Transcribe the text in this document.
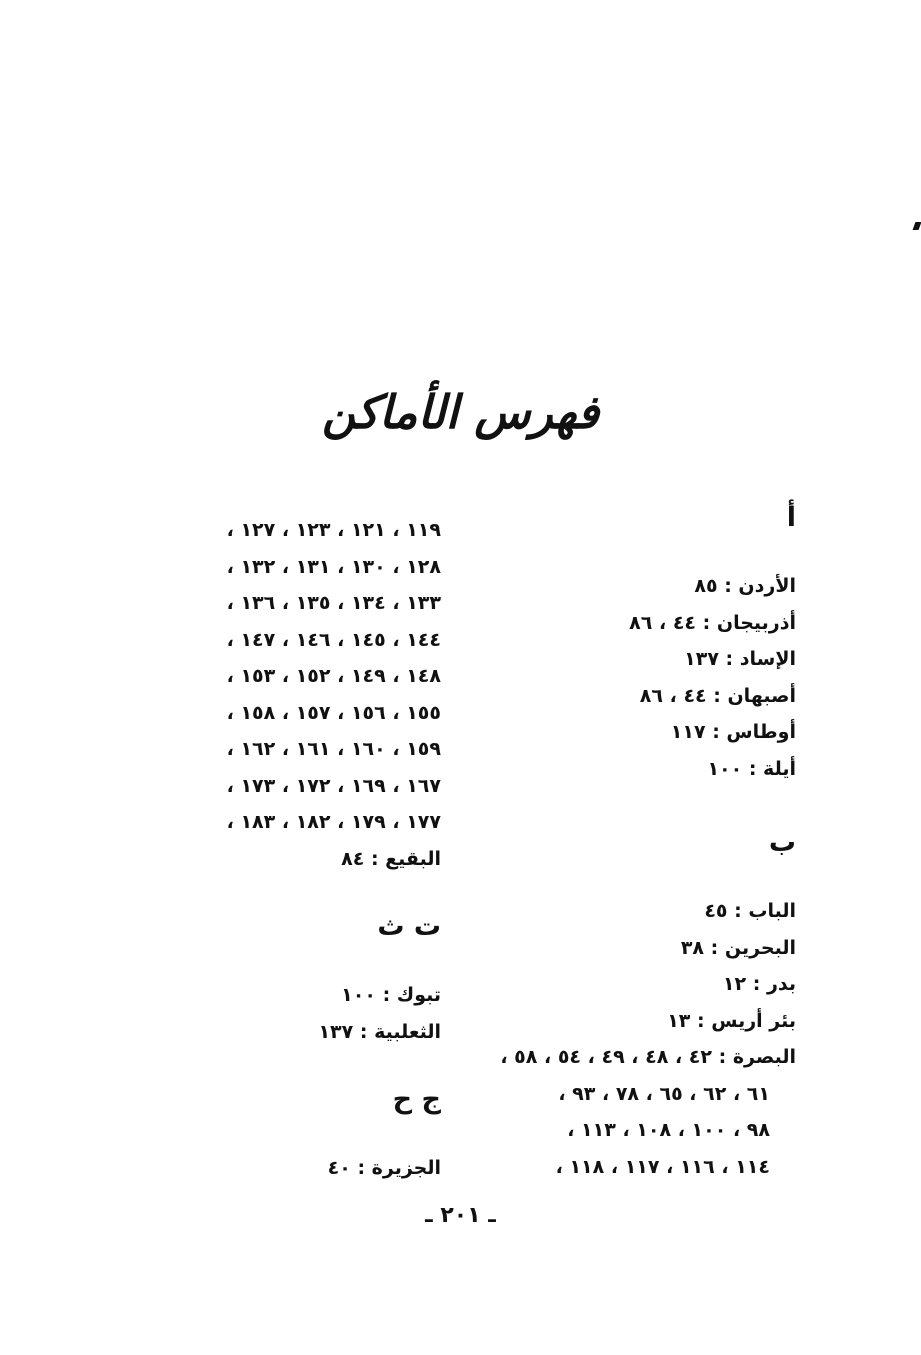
فهرس الأماكن
أ
الأردن : ٨٥
أذربيجان : ٤٤ ، ٨٦
الإساد : ١٣٧
أصبهان : ٤٤ ، ٨٦
أوطاس : ١١٧
أيلة : ١٠٠
ب
الباب : ٤٥
البحرين : ٣٨
بدر : ١٢
بئر أريس : ١٣
البصرة : ٤٢ ، ٤٨ ، ٤٩ ، ٥٤ ، ٥٨ ،
٦١ ، ٦٢ ، ٦٥ ، ٧٨ ، ٩٣ ،
٩٨ ، ١٠٠ ، ١٠٨ ، ١١٣ ،
١١٤ ، ١١٦ ، ١١٧ ، ١١٨ ،
١١٩ ، ١٢١ ، ١٢٣ ، ١٢٧ ،
١٢٨ ، ١٣٠ ، ١٣١ ، ١٣٢ ،
١٣٣ ، ١٣٤ ، ١٣٥ ، ١٣٦ ،
١٤٤ ، ١٤٥ ، ١٤٦ ، ١٤٧ ،
١٤٨ ، ١٤٩ ، ١٥٢ ، ١٥٣ ،
١٥٥ ، ١٥٦ ، ١٥٧ ، ١٥٨ ،
١٥٩ ، ١٦٠ ، ١٦١ ، ١٦٢ ،
١٦٧ ، ١٦٩ ، ١٧٢ ، ١٧٣ ،
١٧٧ ، ١٧٩ ، ١٨٢ ، ١٨٣ ،
البقيع : ٨٤
ت ث
تبوك : ١٠٠
الثعلبية : ١٣٧
ج ح
الجزيرة : ٤٠
ـ ٢٠١ ـ
